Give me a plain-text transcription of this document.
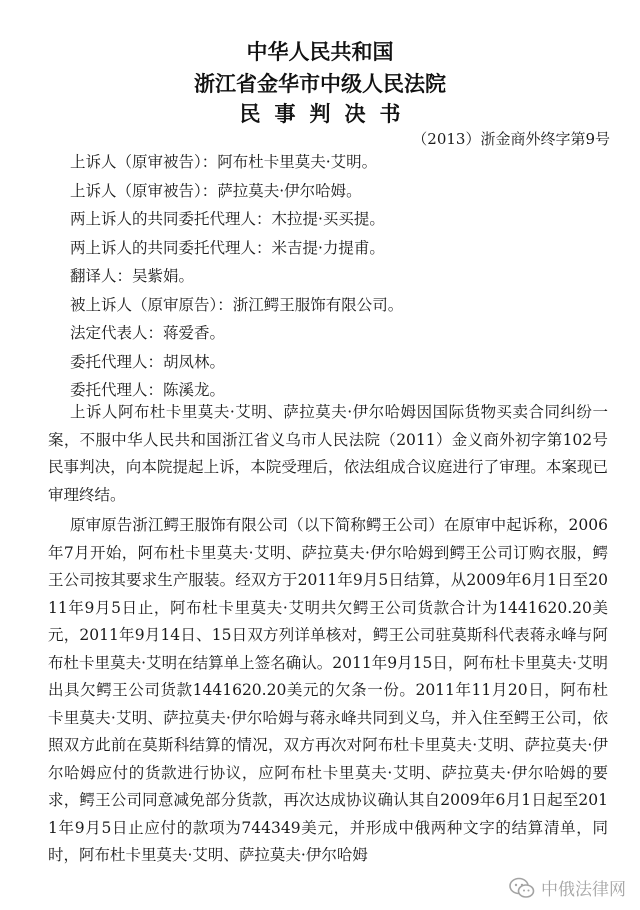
中华人民共和国
浙江省金华市中级人民法院
民事判决书
（2013）浙金商外终字第9号
上诉人（原审被告）：阿布杜卡里莫夫·艾明。
上诉人（原审被告）：萨拉莫夫·伊尔哈姆。
两上诉人的共同委托代理人：木拉提·买买提。
两上诉人的共同委托代理人：米吉提·力提甫。
翻译人：吴紫娟。
被上诉人（原审原告）：浙江鳄王服饰有限公司。
法定代表人：蒋爱香。
委托代理人：胡凤林。
上诉人阿布杜卡里莫夫·艾明、萨拉莫夫·伊尔哈姆因国际货物买卖合同纠纷一案，不服中华人民共和国浙江省义乌市人民法院（2011）金义商外初字第102号民事判决，向本院提起上诉，本院受理后，依法组成合议庭进行了审理。本案现已审理终结。
原审原告浙江鳄王服饰有限公司（以下简称鳄王公司）在原审中起诉称，2006年7月开始，阿布杜卡里莫夫·艾明、萨拉莫夫·伊尔哈姆到鳄王公司订购衣服，鳄王公司按其要求生产服装。经双方于2011年9月5日结算，从2009年6月1日至2011年9月5日止，阿布杜卡里莫夫·艾明共欠鳄王公司货款合计为1441620.20美元，2011年9月14日、15日双方列详单核对，鳄王公司驻莫斯科代表蒋永峰与阿布杜卡里莫夫·艾明在结算单上签名确认。2011年9月15日，阿布杜卡里莫夫·艾明出具欠鳄王公司货款1441620.20美元的欠条一份。2011年11月20日，阿布杜卡里莫夫·艾明、萨拉莫夫·伊尔哈姆与蒋永峰共同到义乌，并入住至鳄王公司，依照双方此前在莫斯科结算的情况，双方再次对阿布杜卡里莫夫·艾明、萨拉莫夫·伊尔哈姆应付的货款进行协议，应阿布杜卡里莫夫·艾明、萨拉莫夫·伊尔哈姆的要求，鳄王公司同意减免部分货款，再次达成协议确认其自2009年6月1日起至2011年9月5日止应付的款项为744349美元，并形成中俄两种文字的结算清单，同时，阿布杜卡里莫夫·艾明、萨拉莫夫·伊尔哈姆
中俄法律网
委托代理人：陈溪龙。
